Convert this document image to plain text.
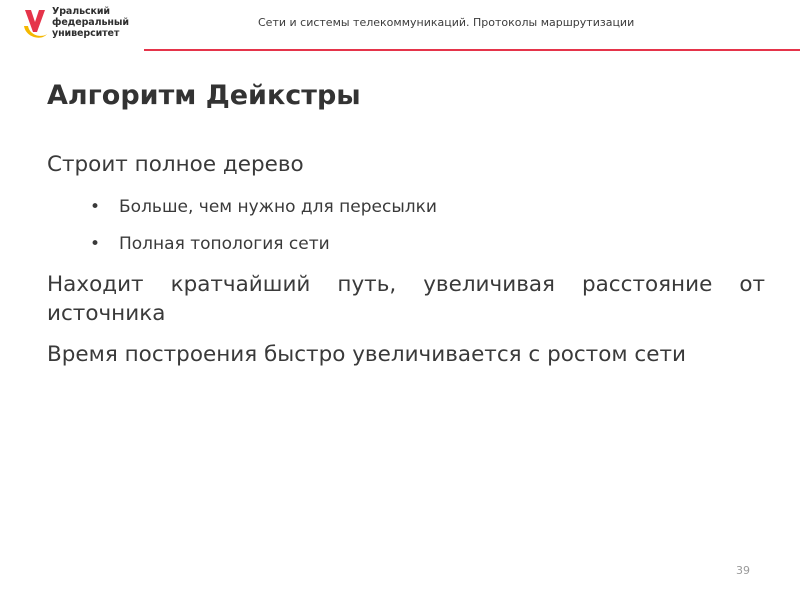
Уральский
федеральный
университет
Сети и системы телекоммуникаций. Протоколы маршрутизации
Алгоритм Дейкстры

Строит полное дерево

• Больше, чем нужно для пересылки
• Полная топология сети

Находит кратчайший путь, увеличивая расстояние от источника

Время построения быстро увеличивается с ростом сети

39
